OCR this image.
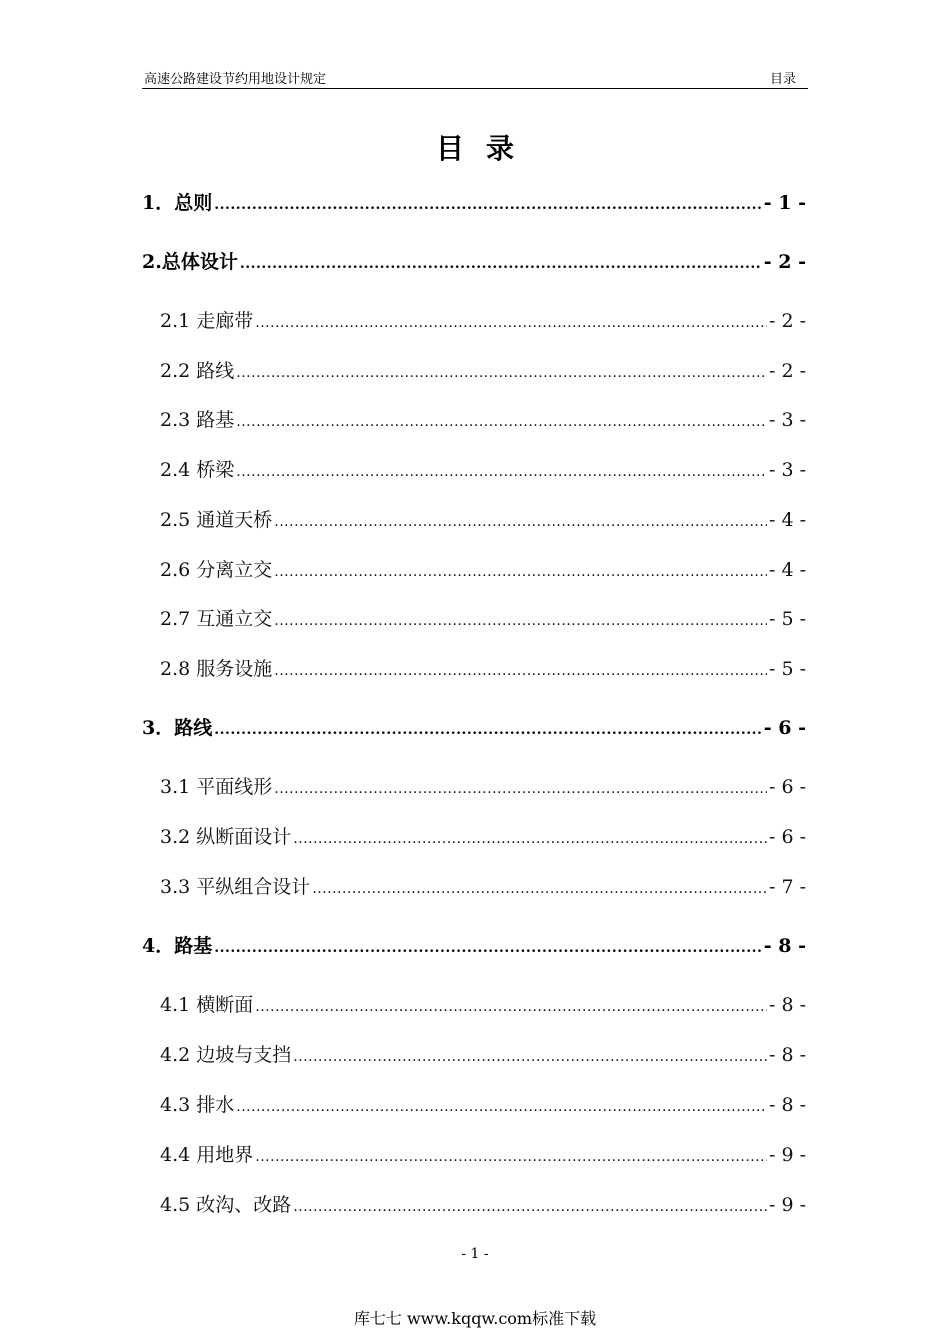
高速公路建设节约用地设计规定	目录
目录
1．总则 .....	- 1 -
2.总体设计 .....	- 2 -
2.1 走廊带 .....	- 2 -
2.2 路线 .....	- 2 -
2.3 路基 .....	- 3 -
2.4 桥梁 .....	- 3 -
2.5 通道天桥 .....	- 4 -
2.6 分离立交 .....	- 4 -
2.7 互通立交 .....	- 5 -
2.8 服务设施 .....	- 5 -
3．路线 .....	- 6 -
3.1 平面线形 .....	- 6 -
3.2 纵断面设计 .....	- 6 -
3.3 平纵组合设计 .....	- 7 -
4．路基 .....	- 8 -
4.1 横断面 .....	- 8 -
4.2 边坡与支挡 .....	- 8 -
4.3 排水 .....	- 8 -
4.4 用地界 .....	- 9 -
4.5 改沟、改路 .....	- 9 -
- 1 -
库七七 www.kqqw.com标准下载
